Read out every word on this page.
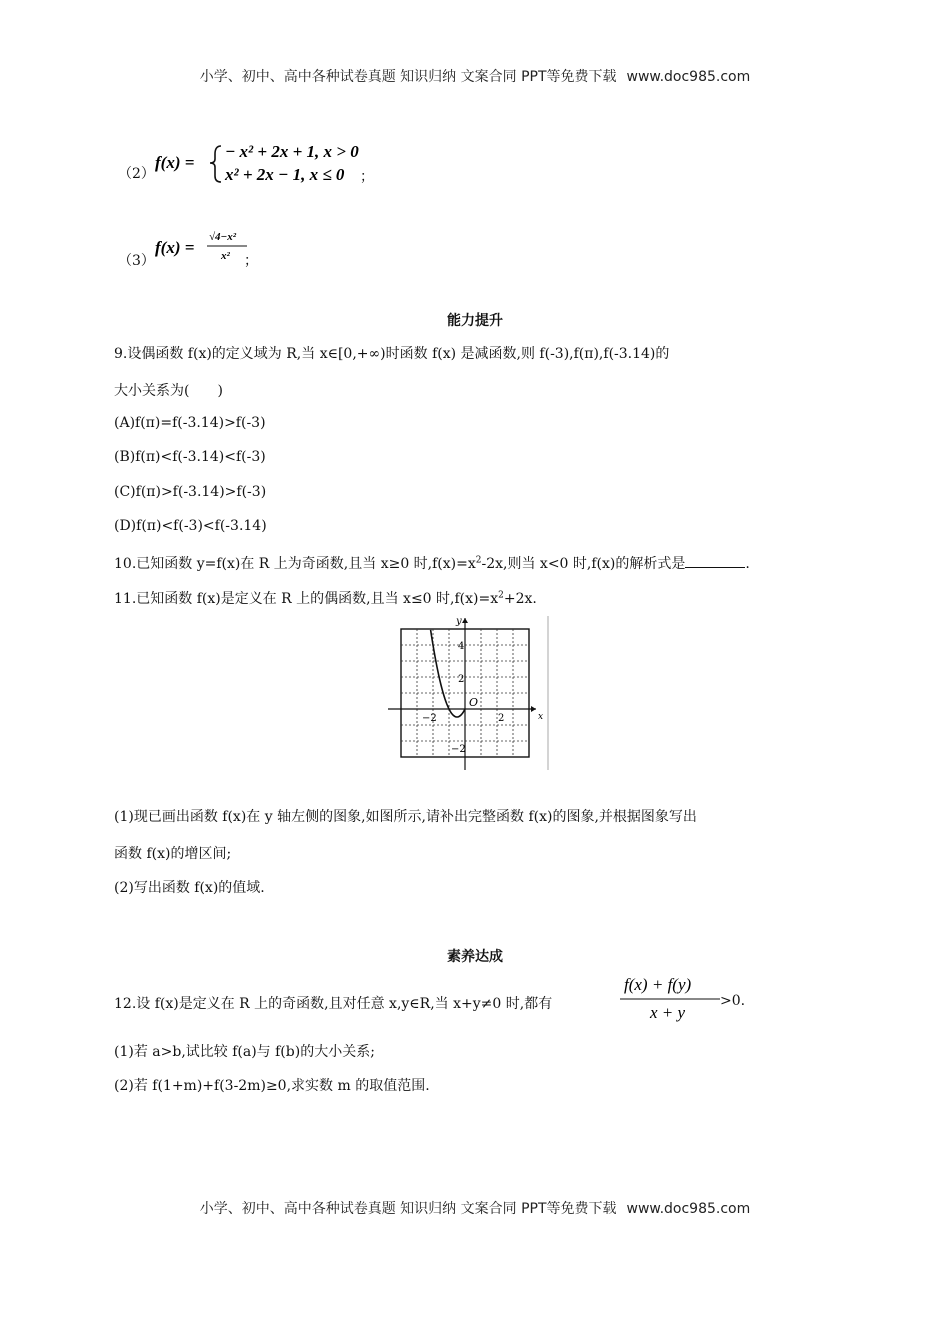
小学、初中、高中各种试卷真题 知识归纳 文案合同 PPT等免费下载 www.doc985.com
（2）
f(x) =
− x² + 2x + 1, x > 0
x² + 2x − 1, x ≤ 0 ；
（3）
f(x) =
√4−x²
x² ；
能力提升
9.设偶函数 f(x)的定义域为 R,当 x∈[0,+∞)时函数 f(x) 是减函数,则 f(-3),f(π),f(-3.14)的
大小关系为(　　)
(A)f(π)=f(-3.14)>f(-3)
(B)f(π)<f(-3.14)<f(-3)
(C)f(π)>f(-3.14)>f(-3)
(D)f(π)<f(-3)<f(-3.14)
10.已知函数 y=f(x)在 R 上为奇函数,且当 x≥0 时$,f(x)=x^2-2x$,则当 x<0 时,f(x)的解析式是	.
11.已知函数 f(x)是定义在 R 上的偶函数,且当 x≤0 时$,f(x)=x^2+2x$.
y
x
O
4
2
−2	2
−2
(1)现已画出函数 f(x)在 y 轴左侧的图象,如图所示,请补出完整函数 f(x)的图象,并根据图象写出
函数 f(x)的增区间;
(2)写出函数 f(x)的值域.
素养达成
12.设 f(x)是定义在 R 上的奇函数,且对任意 x,y∈R,当 x+y≠0 时,都有
f(x) + f(y)
x + y
>0.
(1)若 a>b,试比较 f(a)与 f(b)的大小关系;
(2)若 f(1+m)+f(3-2m)≥0,求实数 m 的取值范围.
小学、初中、高中各种试卷真题 知识归纳 文案合同 PPT等免费下载 www.doc985.com
